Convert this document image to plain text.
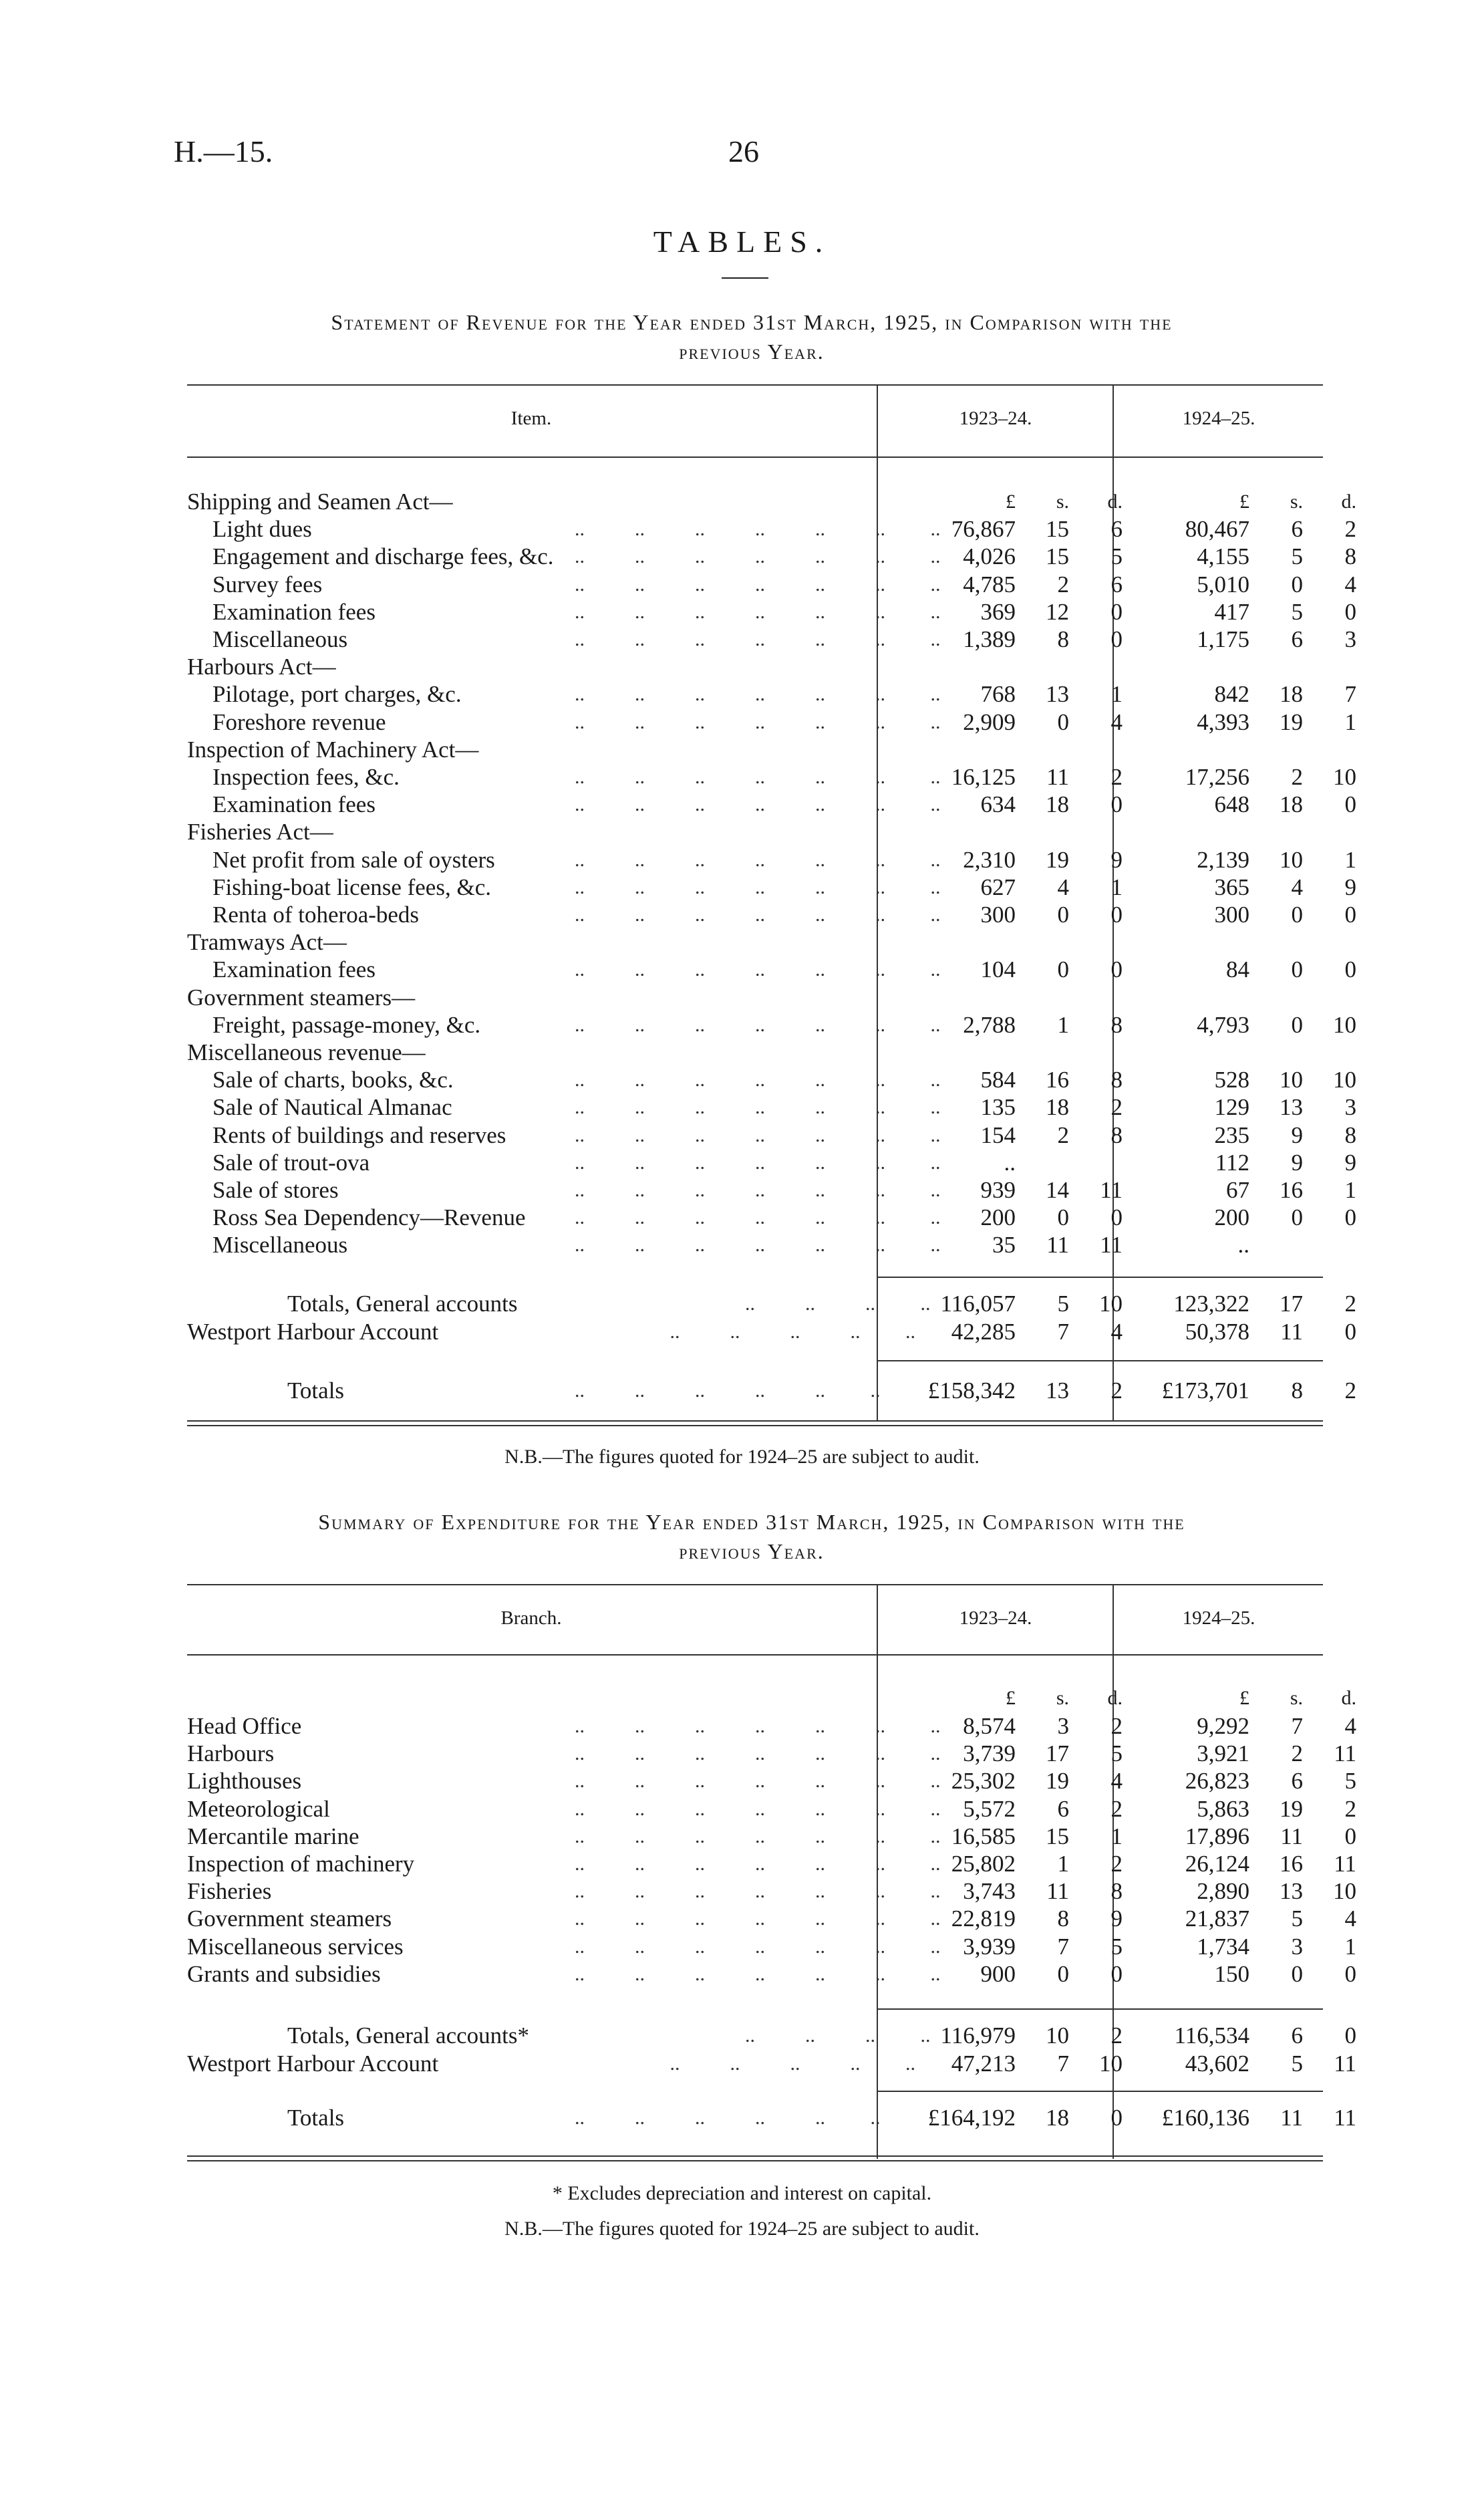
H.—15.	26
TABLES.
Statement of Revenue for the Year ended 31st March, 1925, in Comparison with the
previous Year.
Item.	1923–24.	1924–25.
Shipping and Seamen Act—	£	s.	d.	£	s.	d.
Light dues	..          ..          ..          ..          ..          ..         .. 76,867	15	6	80,467	6	2
Engagement and discharge fees, &c. ..          ..          ..          ..          ..          ..         .. 4,026	15	5	4,155	5	8
Survey fees	..          ..          ..          ..          ..          ..         .. 4,785	2	6	5,010	0	4
Examination fees	..          ..          ..          ..          ..          ..         ..	369	12	0	417	5	0
Miscellaneous	..          ..          ..          ..          ..          ..         .. 1,389	8	0	1,175	6	3
Harbours Act—
Pilotage, port charges, &c.	..          ..          ..          ..          ..          ..         ..	768	13	1	842	18	7
Foreshore revenue	..          ..          ..          ..          ..          ..         .. 2,909	0	4	4,393	19	1
Inspection of Machinery Act—
Inspection fees, &c.	..          ..          ..          ..          ..          ..         .. 16,125	11	2	17,256	2	10
Examination fees	..          ..          ..          ..          ..          ..         ..	634	18	0	648	18	0
Fisheries Act—
Net profit from sale of oysters	..          ..          ..          ..          ..          ..         .. 2,310	19	9	2,139	10	1
Fishing-boat license fees, &c.	..          ..          ..          ..          ..          ..         ..	627	4	1	365	4	9
Renta of toheroa-beds	..          ..          ..          ..          ..          ..         ..	300	0	0	300	0	0
Tramways Act—
Examination fees	..          ..          ..          ..          ..          ..         ..	104	0	0	84	0	0
Government steamers—
Freight, passage-money, &c.	..          ..          ..          ..          ..          ..         .. 2,788	1	8	4,793	0	10
Miscellaneous revenue—
Sale of charts, books, &c.	..          ..          ..          ..          ..          ..         ..	584	16	8	528	10	10
Sale of Nautical Almanac	..          ..          ..          ..          ..          ..         ..	135	18	2	129	13	3
Rents of buildings and reserves	..          ..          ..          ..          ..          ..         ..	154	2	8	235	9	8
Sale of trout-ova	..          ..          ..          ..          ..          ..         ..	..	112	9	9
Sale of stores	..          ..          ..          ..          ..          ..         ..	939	14	11	67	16	1
Ross Sea Dependency—Revenue ..          ..          ..          ..          ..          ..         ..	200	0	0	200	0	0
Miscellaneous	..          ..          ..          ..          ..          ..         ..	35	11	11	..
Totals, General accounts	..          ..          ..         .. 116,057	5	10	123,322	17	2
Westport Harbour Account	..          ..          ..          ..         ..	42,285	7	4	50,378	11	0
Totals	..          ..          ..          ..          ..         ..	£158,342	13	2	£173,701	8	2
N.B.—The figures quoted for 1924–25 are subject to audit.
Summary of Expenditure for the Year ended 31st March, 1925, in Comparison with the
previous Year.
Branch.	1923–24.	1924–25.
£	s.	d.	£	s.	d.
Head Office	..          ..          ..          ..          ..          ..         .. 8,574	3	2	9,292	7	4
Harbours	..          ..          ..          ..          ..          ..         .. 3,739	17	5	3,921	2	11
Lighthouses	..          ..          ..          ..          ..          ..         .. 25,302	19	4	26,823	6	5
Meteorological	..          ..          ..          ..          ..          ..         .. 5,572	6	2	5,863	19	2
Mercantile marine	..          ..          ..          ..          ..          ..         .. 16,585	15	1	17,896	11	0
Inspection of machinery	..          ..          ..          ..          ..          ..         .. 25,802	1	2	26,124	16	11
Fisheries	..          ..          ..          ..          ..          ..         .. 3,743	11	8	2,890	13	10
Government steamers	..          ..          ..          ..          ..          ..         .. 22,819	8	9	21,837	5	4
Miscellaneous services	..          ..          ..          ..          ..          ..         .. 3,939	7	5	1,734	3	1
Grants and subsidies	..          ..          ..          ..          ..          ..         ..	900	0	0	150	0	0
Totals, General accounts* ..          ..          ..         .. 116,979	10	2	116,534	6	0
Westport Harbour Account	..          ..          ..          ..         ..	47,213	7	10	43,602	5	11
Totals	..          ..          ..          ..          ..         ..	£164,192	18	0	£160,136	11	11
* Excludes depreciation and interest on capital.
N.B.—The figures quoted for 1924–25 are subject to audit.
